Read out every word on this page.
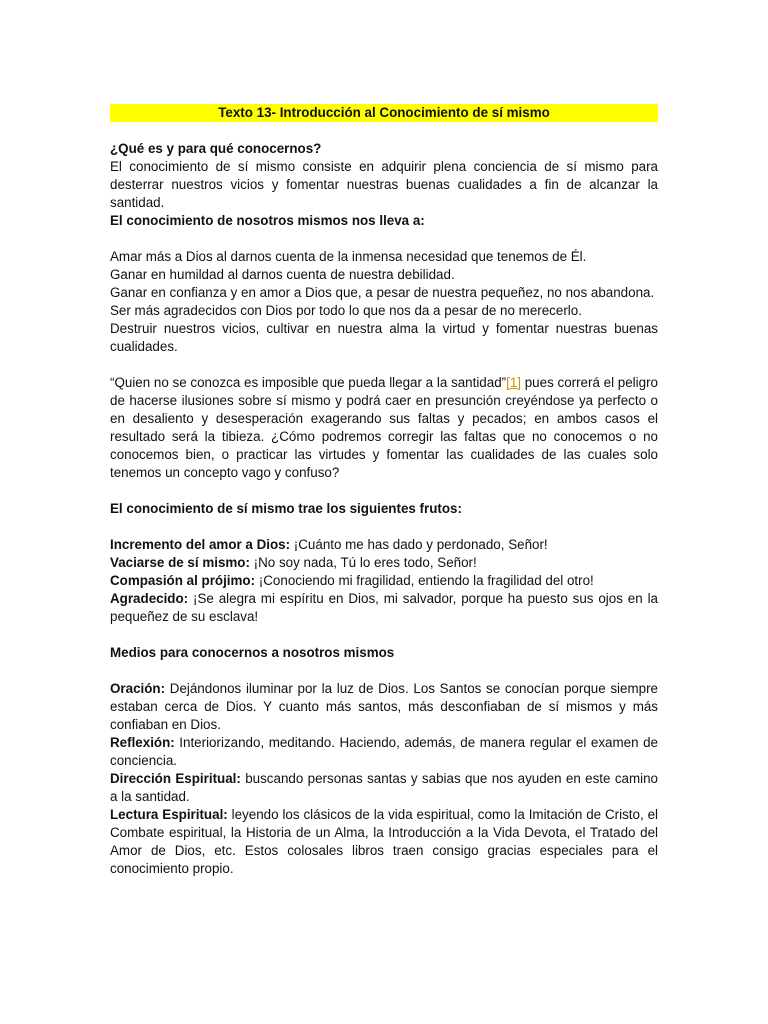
Texto 13- Introducción al Conocimiento de sí mismo

¿Qué es y para qué conocernos?

El conocimiento de sí mismo consiste en adquirir plena conciencia de sí mismo para desterrar nuestros vicios y fomentar nuestras buenas cualidades a fin de alcanzar la santidad.

El conocimiento de nosotros mismos nos lleva a:

Amar más a Dios al darnos cuenta de la inmensa necesidad que tenemos de Él.

Ganar en humildad al darnos cuenta de nuestra debilidad.

Ganar en confianza y en amor a Dios que, a pesar de nuestra pequeñez, no nos abandona.

Ser más agradecidos con Dios por todo lo que nos da a pesar de no merecerlo.

Destruir nuestros vicios, cultivar en nuestra alma la virtud y fomentar nuestras buenas cualidades.

“Quien no se conozca es imposible que pueda llegar a la santidad”[1] pues correrá el peligro de hacerse ilusiones sobre sí mismo y podrá caer en presunción creyéndose ya perfecto o en desaliento y desesperación exagerando sus faltas y pecados; en ambos casos el resultado será la tibieza. ¿Cómo podremos corregir las faltas que no conocemos o no conocemos bien, o practicar las virtudes y fomentar las cualidades de las cuales solo tenemos un concepto vago y confuso?

El conocimiento de sí mismo trae los siguientes frutos:

Incremento del amor a Dios: ¡Cuánto me has dado y perdonado, Señor!

Vaciarse de sí mismo: ¡No soy nada, Tú lo eres todo, Señor!

Compasión al prójimo: ¡Conociendo mi fragilidad, entiendo la fragilidad del otro!

Agradecido: ¡Se alegra mi espíritu en Dios, mi salvador, porque ha puesto sus ojos en la pequeñez de su esclava!

Medios para conocernos a nosotros mismos

Oración: Dejándonos iluminar por la luz de Dios. Los Santos se conocían porque siempre estaban cerca de Dios. Y cuanto más santos, más desconfiaban de sí mismos y más confiaban en Dios.

Reflexión: Interiorizando, meditando. Haciendo, además, de manera regular el examen de conciencia.

Dirección Espiritual: buscando personas santas y sabias que nos ayuden en este camino a la santidad.

Lectura Espiritual: leyendo los clásicos de la vida espiritual, como la Imitación de Cristo, el Combate espiritual, la Historia de un Alma, la Introducción a la Vida Devota, el Tratado del Amor de Dios, etc. Estos colosales libros traen consigo gracias especiales para el conocimiento propio.
